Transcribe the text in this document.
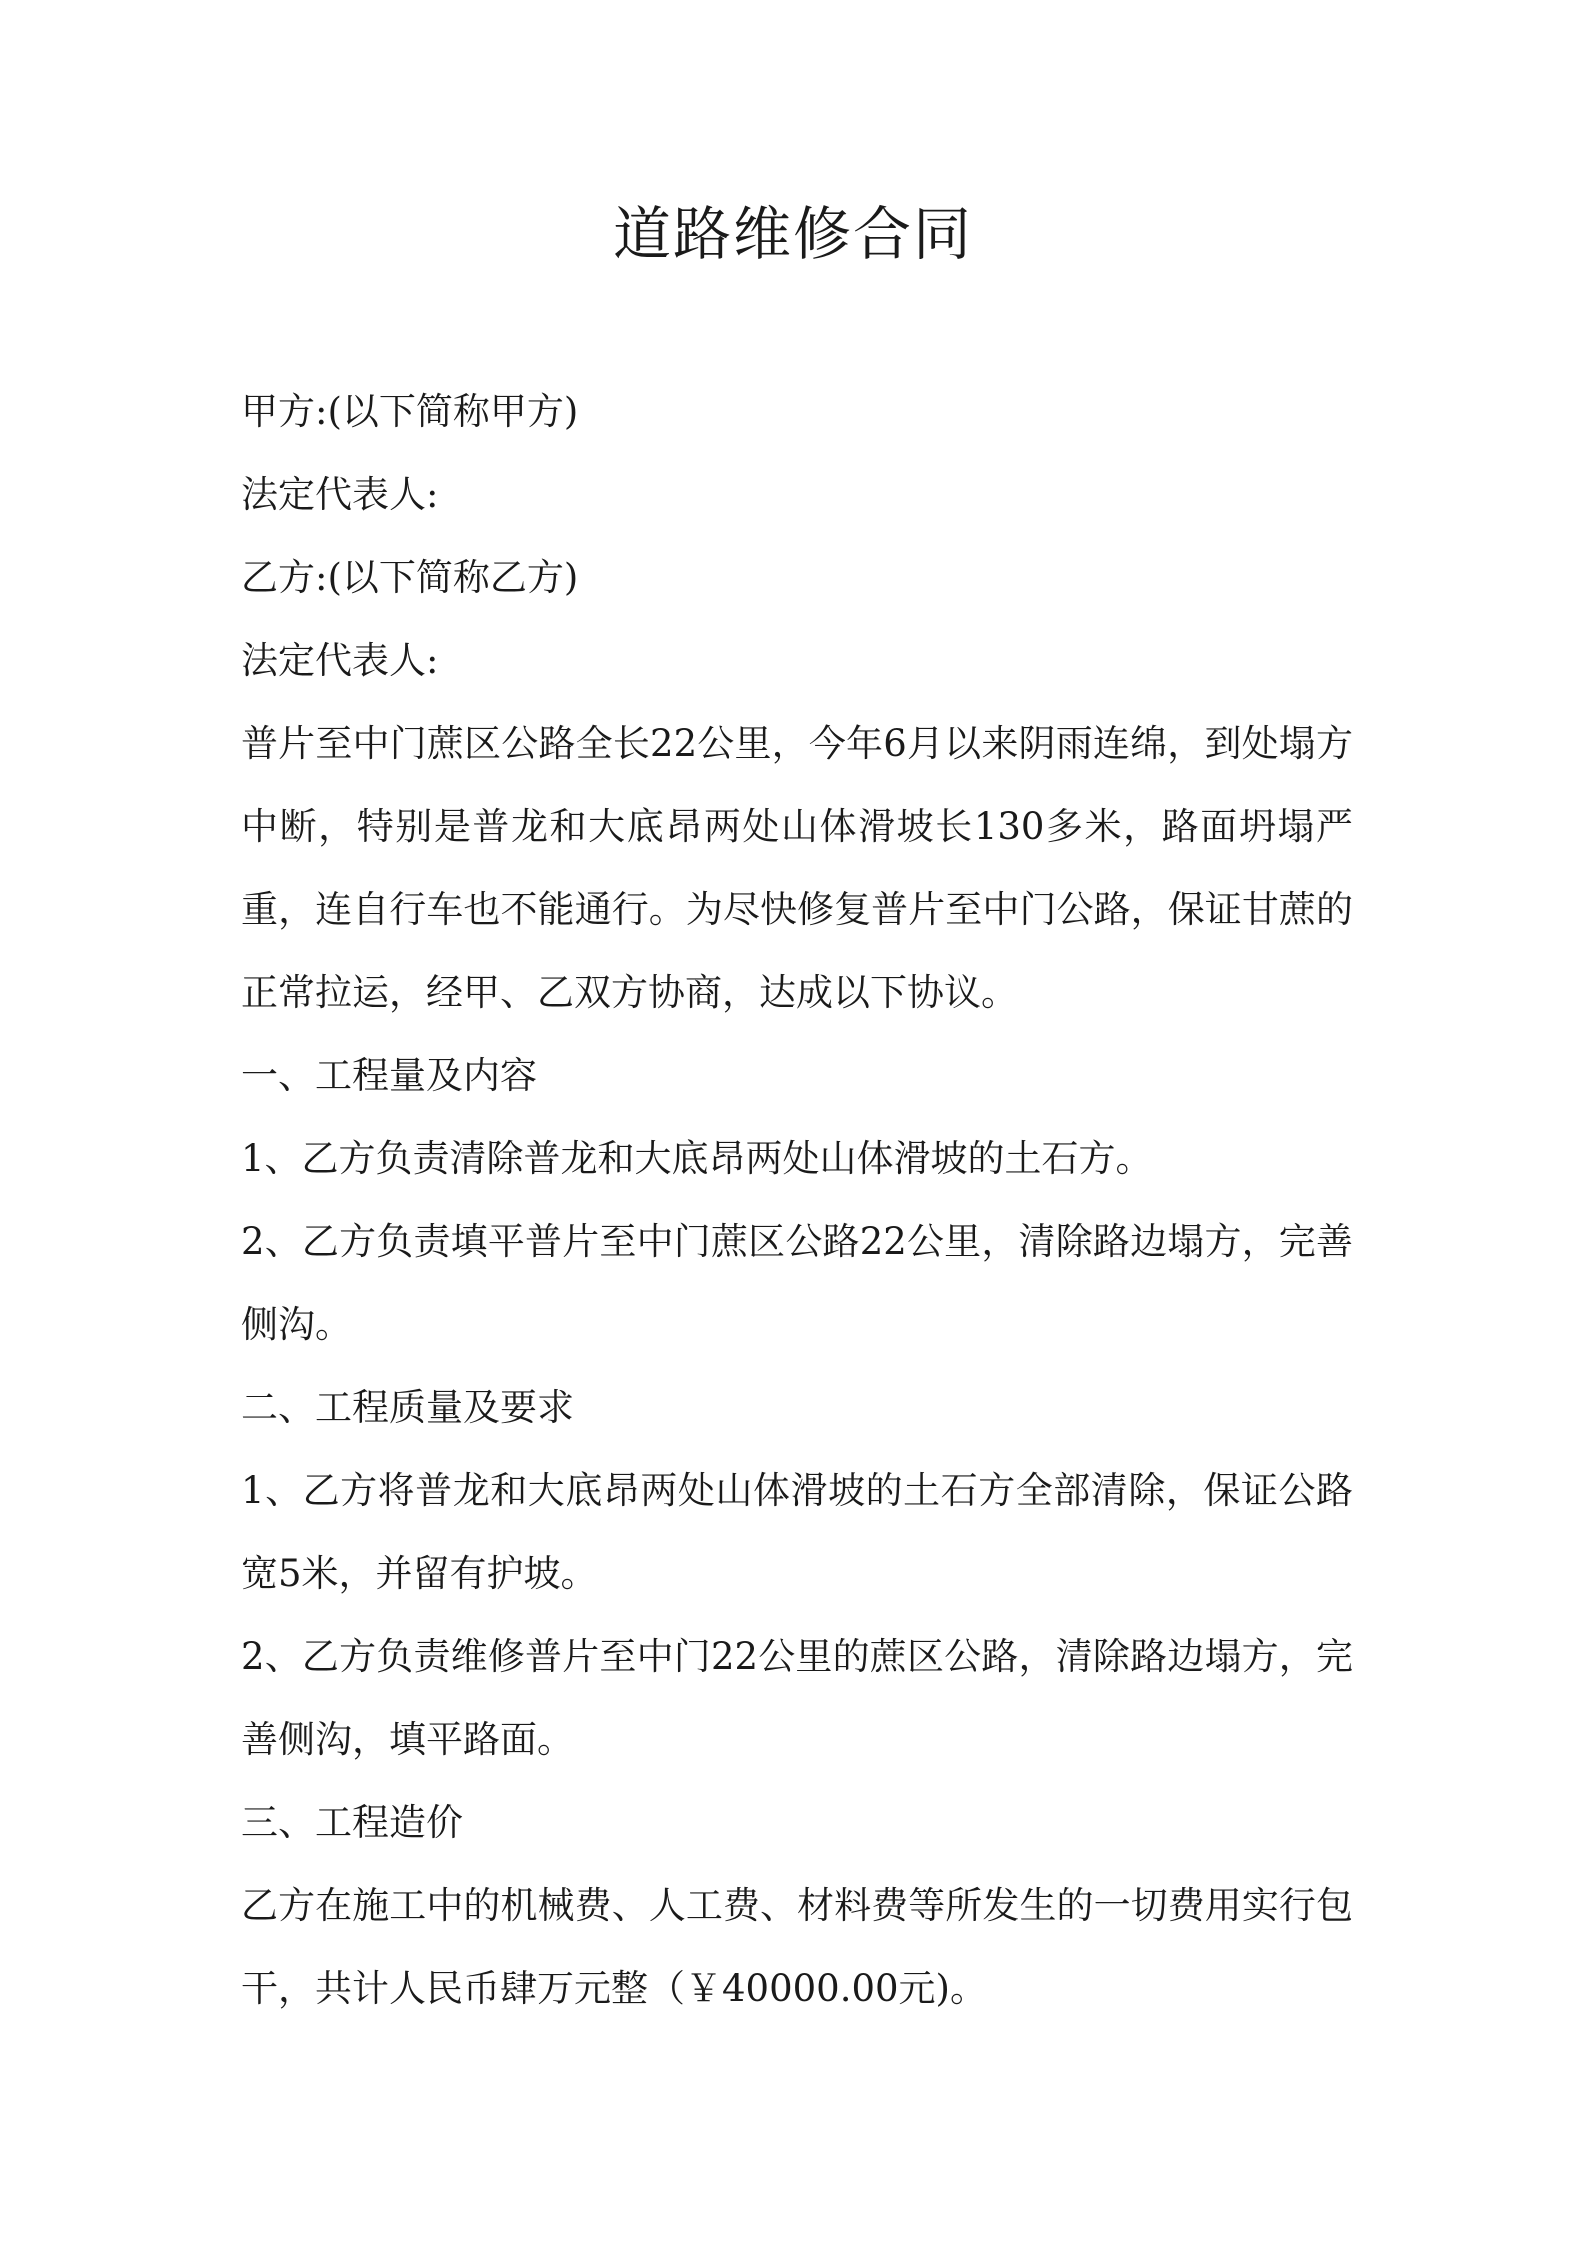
道路维修合同

甲方:(以下简称甲方)

法定代表人:

乙方:(以下简称乙方)

法定代表人:

普片至中门蔗区公路全长22公里，今年6月以来阴雨连绵，到处塌方中断，特别是普龙和大底昂两处山体滑坡长130多米，路面坍塌严重，连自行车也不能通行。为尽快修复普片至中门公路，保证甘蔗的正常拉运，经甲、乙双方协商，达成以下协议。

一、工程量及内容

1、乙方负责清除普龙和大底昂两处山体滑坡的土石方。

2、乙方负责填平普片至中门蔗区公路22公里，清除路边塌方，完善侧沟。

二、工程质量及要求

1、乙方将普龙和大底昂两处山体滑坡的土石方全部清除，保证公路宽5米，并留有护坡。

2、乙方负责维修普片至中门22公里的蔗区公路，清除路边塌方，完善侧沟，填平路面。

三、工程造价

乙方在施工中的机械费、人工费、材料费等所发生的一切费用实行包干，共计人民币肆万元整（￥40000.00元)。
